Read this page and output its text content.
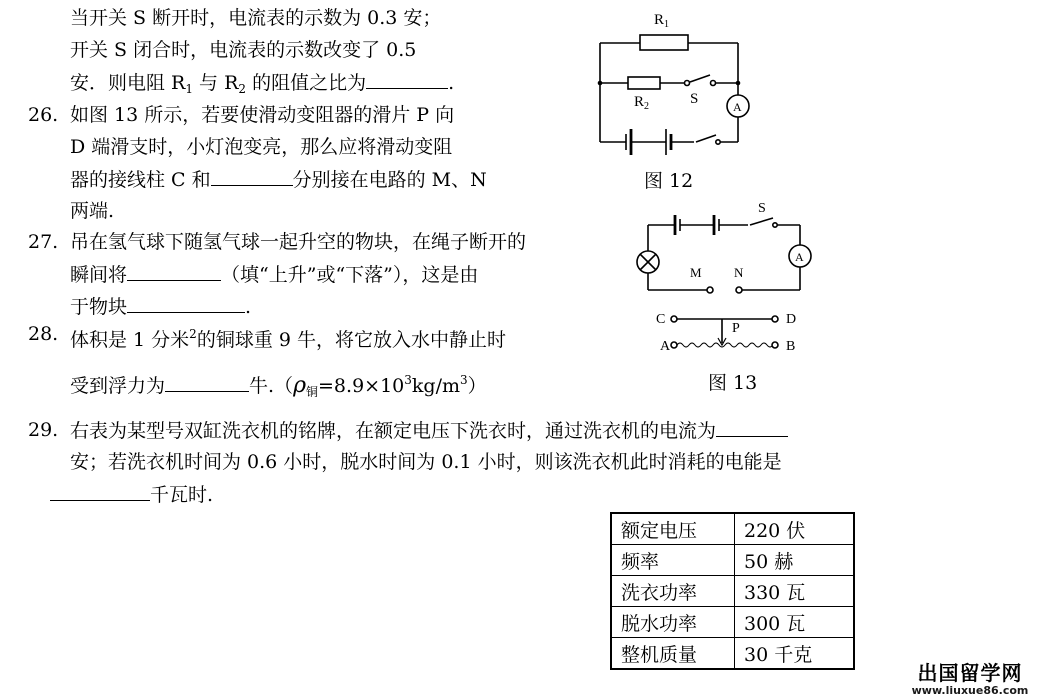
当开关 S 断开时，电流表的示数为 0.3 安；
开关 S 闭合时，电流表的示数改变了 0.5
安．则电阻 $R_1$ 与 $R_2$ 的阻值之比为	.
26. 如图 13 所示，若要使滑动变阻器的滑片 P 向
D 端滑支时，小灯泡变亮，那么应将滑动变阻
器的接线柱 C 和	分别接在电路的 M、N
两端.
27. 吊在氢气球下随氢气球一起升空的物块，在绳子断开的
瞬间将	（填“上升”或“下落”），这是由
于物块	.
28. 体积是 1 分米$^2$的铜球重 9 牛，将它放入水中静止时
受到浮力为	牛$.(\rho_铜=8.9\times 10^3kg/m^3)$
29. 右表为某型号双缸洗衣机的铭牌，在额定电压下洗衣时，通过洗衣机的电流为
安；若洗衣机时间为 0.6 小时，脱水时间为 0.1 小时，则该洗衣机此时消耗的电能是
千瓦时.
$R_1$
$R_2$	S	A
图 12
S
A
M N
C	D
P
A	B
图 13
额定电压	220 伏
频率	50 赫
洗衣功率	330 瓦
脱水功率	300 瓦
整机质量	30 千克
出国留学网
www.liuxue86.com
